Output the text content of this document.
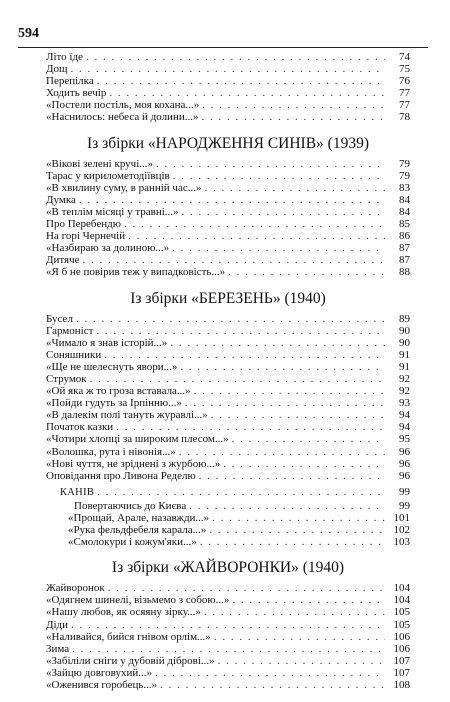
594
Літо їде . . .	74
Дощ . . .	75
Перепілка . . .	76
Ходить вечір . . .	77
«Постели постіль, моя кохана...» . . .	77
«Наснилось: небеса й долини...» . . .	78
Із збірки «НАРОДЖЕННЯ СИНІВ» (1939)
«Вікові зелені кручі...» . . .	79
Тарас у кирилометодіївців . . .	79
«В хвилину суму, в ранній час...» . . .	83
Думка . . .	84
«В теплім місяці у травні...» . . .	84
Про Перебендю . . .	85
На горі Чернечій . . .	86
«Назбираю за долиною...» . . .	87
Дитяче . . .	87
«Я б не повірив теж у випадковість...» . . .	88
Із збірки «БЕРЕЗЕНЬ» (1940)
Бусел . . .	89
Гармоніст . . .	90
«Чимало я знав історій...» . . .	90
Соняшники . . .	91
«Ще не шелеснуть явори...» . . .	91
Струмок . . .	92
«Ой яка ж то гроза вставала...» . . .	92
«Пойди гудуть за Ірпінню...» . . .	93
«В далекім полі тануть журавлі...» . . .	94
Початок казки . . .	94
«Чотири хлопці за широким плесом...» . . .	95
«Волошка, рута і нівонія...» . . .	96
«Нові чуття, не зріднені з журбою...» . . .	96
Оповідання про Ливона Ределю . . .	96
КАНІВ . . .	99
Повертаючись до Києва . . .	99
«Прощай, Арале, назавжди...» . . .	101
«Рука фельдфебеля карала...» . . .	102
«Смолокури і кожум'яки...» . . .	103
Із збірки «ЖАЙВОРОНКИ» (1940)
Жайворонок . . .	104
«Одягнем шинелі, візьмемо з собою...» . . .	104
«Нашу любов, як осяяну зірку...» . . .	105
Діди . . .	105
«Наливайся, бийся гнівом орлім...» . . .	106
Зима . . .	106
«Забіліли сніги у дубовій діброві...» . . .	107
«Зайцю довговухий...» . . .	107
«Оженився горобець...» . . .	108
